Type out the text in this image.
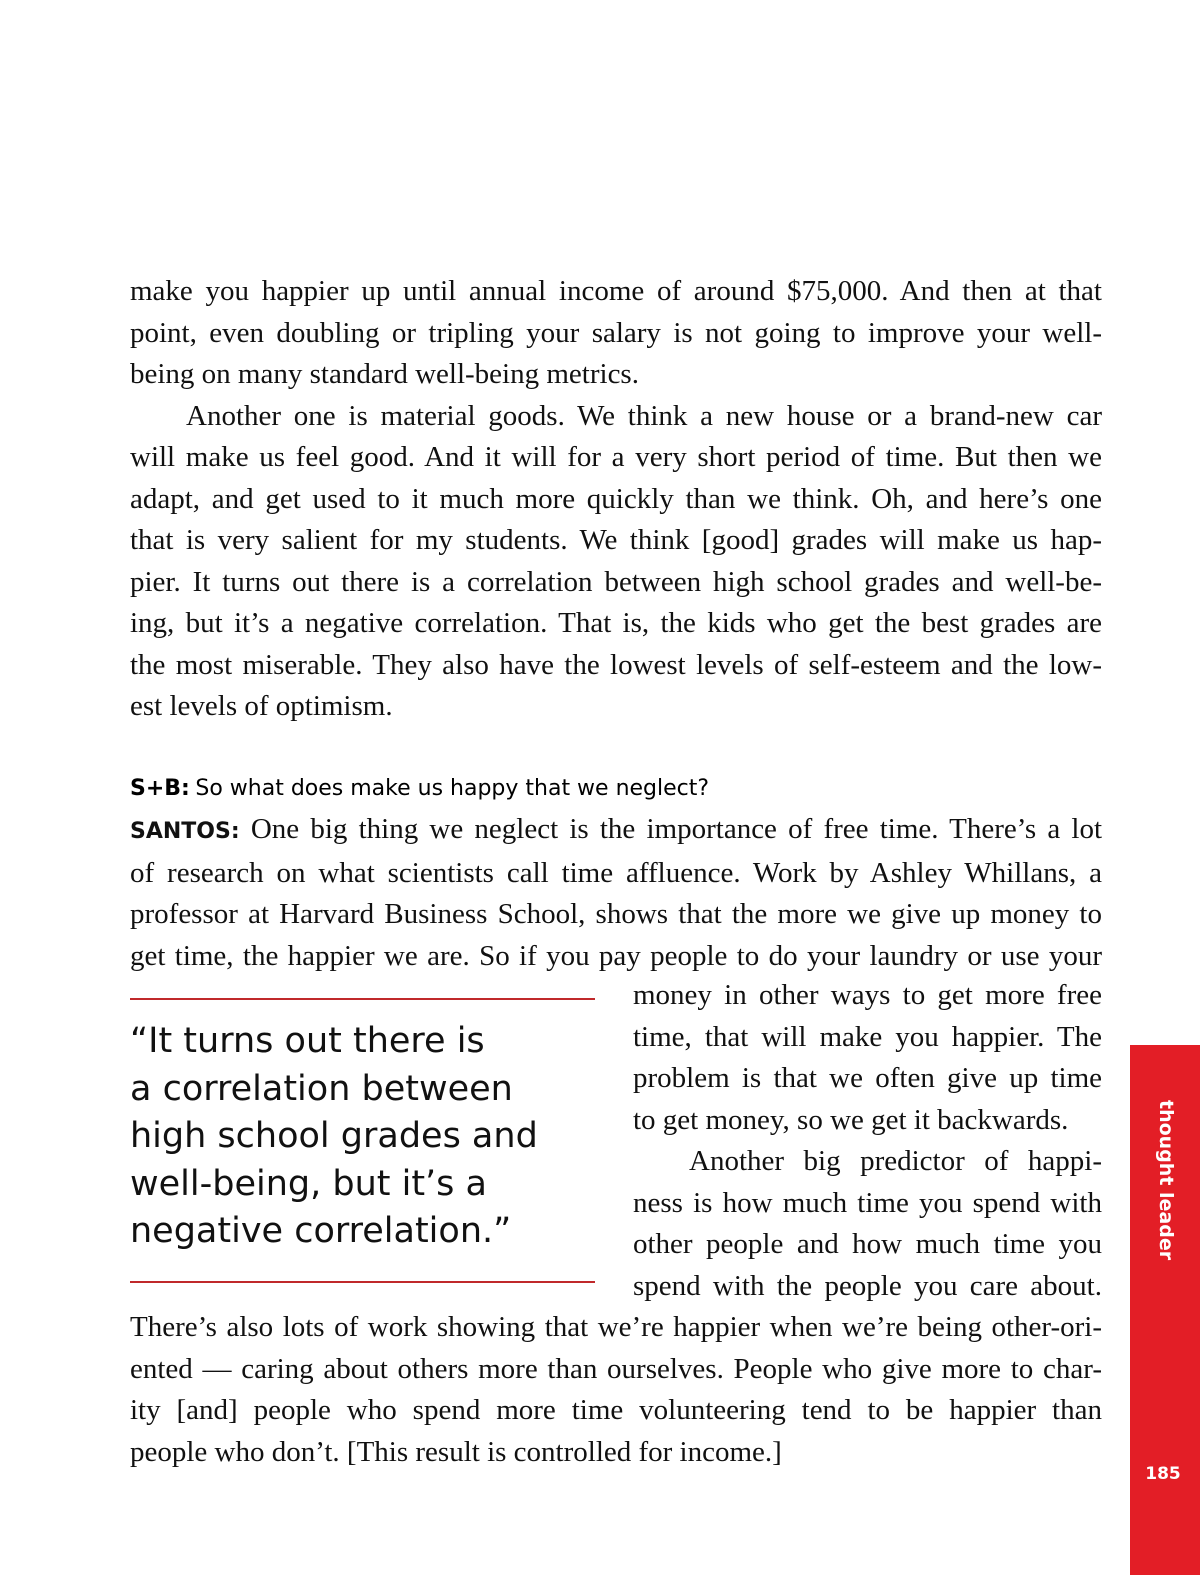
make you happier up until annual income of around $75,000. And then at that
point, even doubling or tripling your salary is not going to improve your well-
being on many standard well-being metrics.
Another one is material goods. We think a new house or a brand-new car
will make us feel good. And it will for a very short period of time. But then we
adapt, and get used to it much more quickly than we think. Oh, and here’s one
that is very salient for my students. We think [good] grades will make us hap-
pier. It turns out there is a correlation between high school grades and well-be-
ing, but it’s a negative correlation. That is, the kids who get the best grades are
the most miserable. They also have the lowest levels of self-esteem and the low-
est levels of optimism.
S+B: So what does make us happy that we neglect?
SANTOS: One big thing we neglect is the importance of free time. There’s a lot
of research on what scientists call time affluence. Work by Ashley Whillans, a
professor at Harvard Business School, shows that the more we give up money to
get time, the happier we are. So if you pay people to do your laundry or use your
“It turns out there is
a correlation between
high school grades and
well-being, but it’s a
negative correlation.”
money in other ways to get more free
time, that will make you happier. The
problem is that we often give up time
to get money, so we get it backwards.
Another big predictor of happi-
ness is how much time you spend with
other people and how much time you
spend with the people you care about.
There’s also lots of work showing that we’re happier when we’re being other-ori-
ented — caring about others more than ourselves. People who give more to char-
ity [and] people who spend more time volunteering tend to be happier than
people who don’t. [This result is controlled for income.]
thought leader
185
